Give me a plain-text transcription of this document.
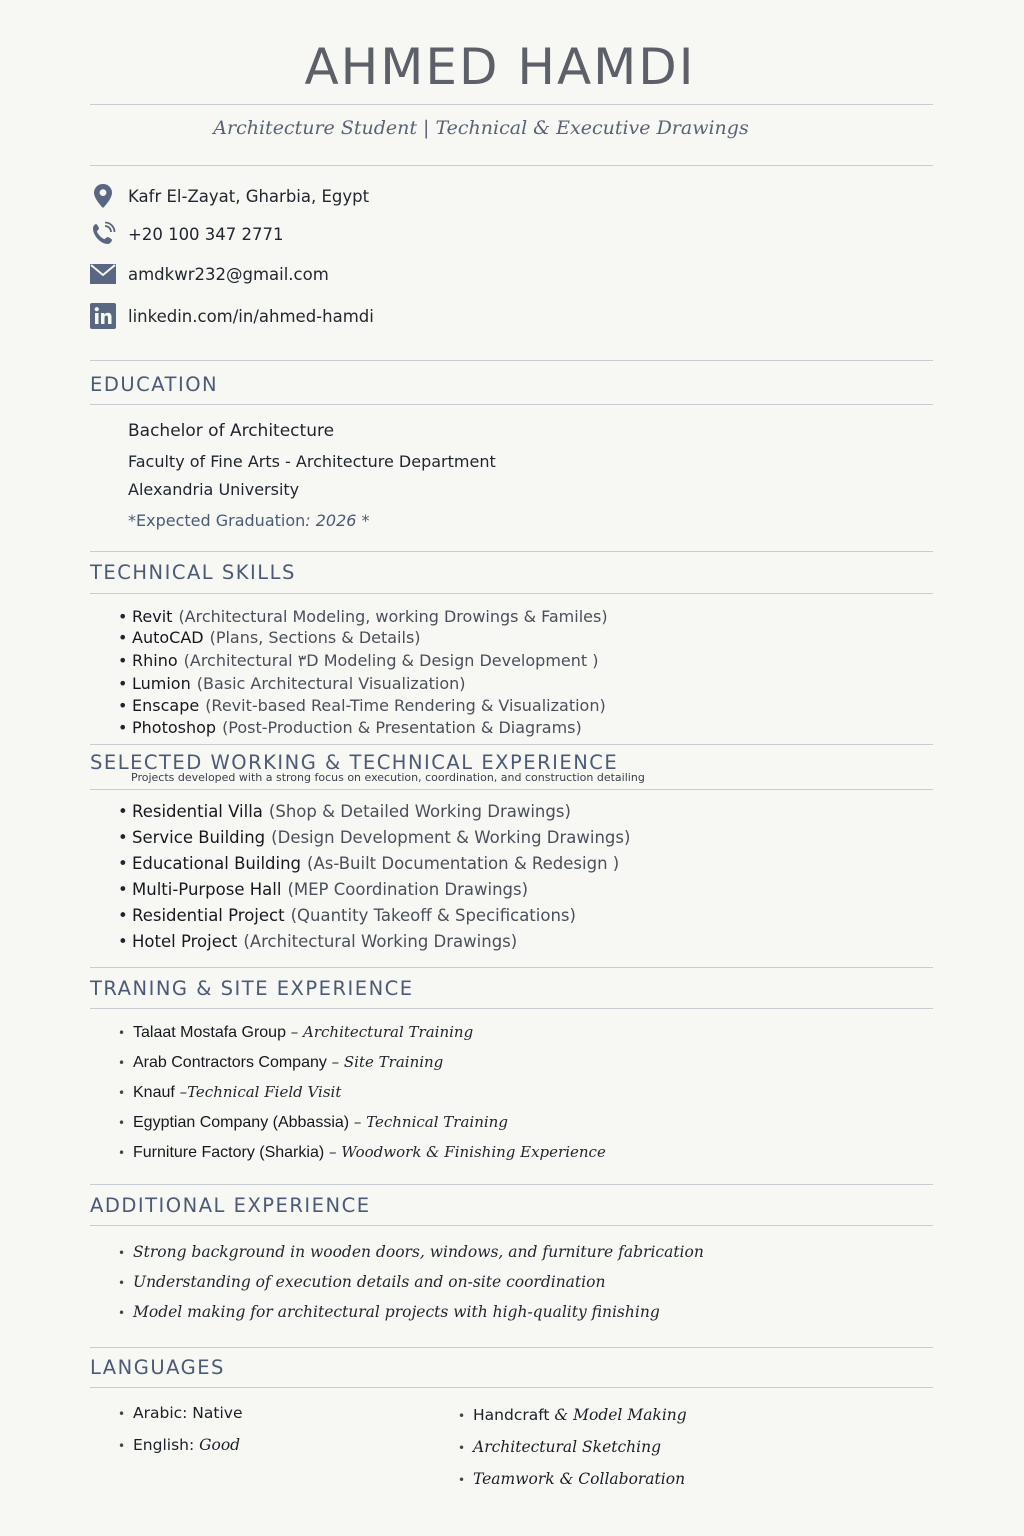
AHMED HAMDI
Architecture Student | Technical & Executive Drawings
Kafr El-Zayat, Gharbia, Egypt
+20 100 347 2771
amdkwr232@gmail.com
linkedin.com/in/ahmed-hamdi
EDUCATION
Bachelor of Architecture
Faculty of Fine Arts - Architecture Department
Alexandria University
*Expected Graduation: 2026 *
TECHNICAL SKILLS
• Revit (Architectural Modeling, working Drowings & Familes)
• AutoCAD (Plans, Sections & Details)
• Rhino (Architectural ٣D Modeling & Design Development )
• Lumion (Basic Architectural Visualization)
• Enscape (Revit-based Real-Time Rendering & Visualization)
• Photoshop (Post-Production & Presentation & Diagrams)
SELECTED WORKING & TECHNICAL EXPERIENCE
Projects developed with a strong focus on execution, coordination, and construction detailing
• Residential Villa (Shop & Detailed Working Drawings)
• Service Building (Design Development & Working Drawings)
• Educational Building (As-Built Documentation & Redesign )
• Multi-Purpose Hall (MEP Coordination Drawings)
• Residential Project (Quantity Takeoff & Specifications)
• Hotel Project (Architectural Working Drawings)
TRANING & SITE EXPERIENCE
• Talaat Mostafa Group – Architectural Training
• Arab Contractors Company – Site Training
• Knauf –Technical Field Visit
• Egyptian Company (Abbassia) – Technical Training
• Furniture Factory (Sharkia) – Woodwork & Finishing Experience
ADDITIONAL EXPERIENCE
• Strong background in wooden doors, windows, and furniture fabrication
• Understanding of execution details and on-site coordination
• Model making for architectural projects with high-quality finishing
LANGUAGES
• Arabic: Native
• English: Good
• Handcraft & Model Making
• Architectural Sketching
• Teamwork & Collaboration
